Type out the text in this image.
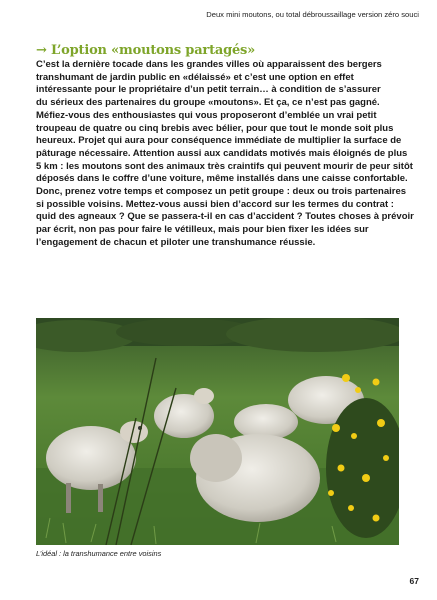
Deux mini moutons, ou total débroussaillage version zéro souci
→ L’option «moutons partagés»
C’est la dernière tocade dans les grandes villes où apparaissent des bergers
transhumant de jardin public en «délaissé» et c’est une option en effet
intéressante pour le propriétaire d’un petit terrain… à condition de s’assurer
du sérieux des partenaires du groupe «moutons». Et ça, ce n’est pas gagné.
Méfiez-vous des enthousiastes qui vous proposeront d’emblée un vrai petit
troupeau de quatre ou cinq brebis avec bélier, pour que tout le monde soit plus
heureux. Projet qui aura pour conséquence immédiate de multiplier la surface de
pâturage nécessaire. Attention aussi aux candidats motivés mais éloignés de plus
5 km : les moutons sont des animaux très craintifs qui peuvent mourir de peur sitôt
déposés dans le coffre d’une voiture, même installés dans une caisse confortable.
Donc, prenez votre temps et composez un petit groupe : deux ou trois partenaires
si possible voisins. Mettez-vous aussi bien d’accord sur les termes du contrat :
quid des agneaux ? Que se passera-t-il en cas d’accident ? Toutes choses à prévoir
par écrit, non pas pour faire le vétilleux, mais pour bien fixer les idées sur
l’engagement de chacun et piloter une transhumance réussie.
L’idéal : la transhumance entre voisins
67
